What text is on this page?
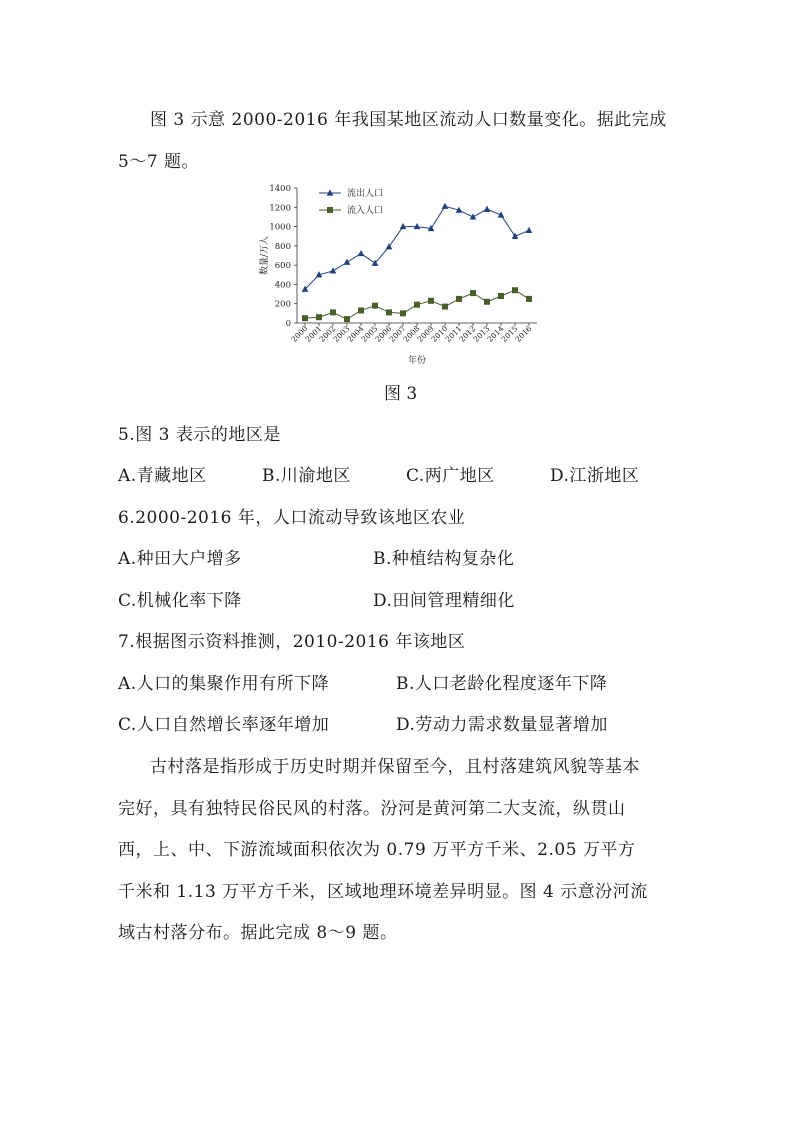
图 3 示意 2000-2016 年我国某地区流动人口数量变化。据此完成
5～7 题。
0
200
400
600
800
1000
1200
1400
2000
2001
2002
2003
2004
2005
2006
2007
2008
2009
2010
2011
2012
2013
2014
2015
2016
年份
数量/万人
流出人口
流入人口
图 3
5.图 3 表示的地区是
A.青藏地区	B.川渝地区	C.两广地区	D.江浙地区
6.2000-2016 年，人口流动导致该地区农业
A.种田大户增多	B.种植结构复杂化
C.机械化率下降	D.田间管理精细化
7.根据图示资料推测，2010-2016 年该地区
A.人口的集聚作用有所下降	B.人口老龄化程度逐年下降
C.人口自然增长率逐年增加	D.劳动力需求数量显著增加
古村落是指形成于历史时期并保留至今，且村落建筑风貌等基本
完好，具有独特民俗民风的村落。汾河是黄河第二大支流，纵贯山
西，上、中、下游流域面积依次为 0.79 万平方千米、2.05 万平方
千米和 1.13 万平方千米，区域地理环境差异明显。图 4 示意汾河流
域古村落分布。据此完成 8～9 题。
